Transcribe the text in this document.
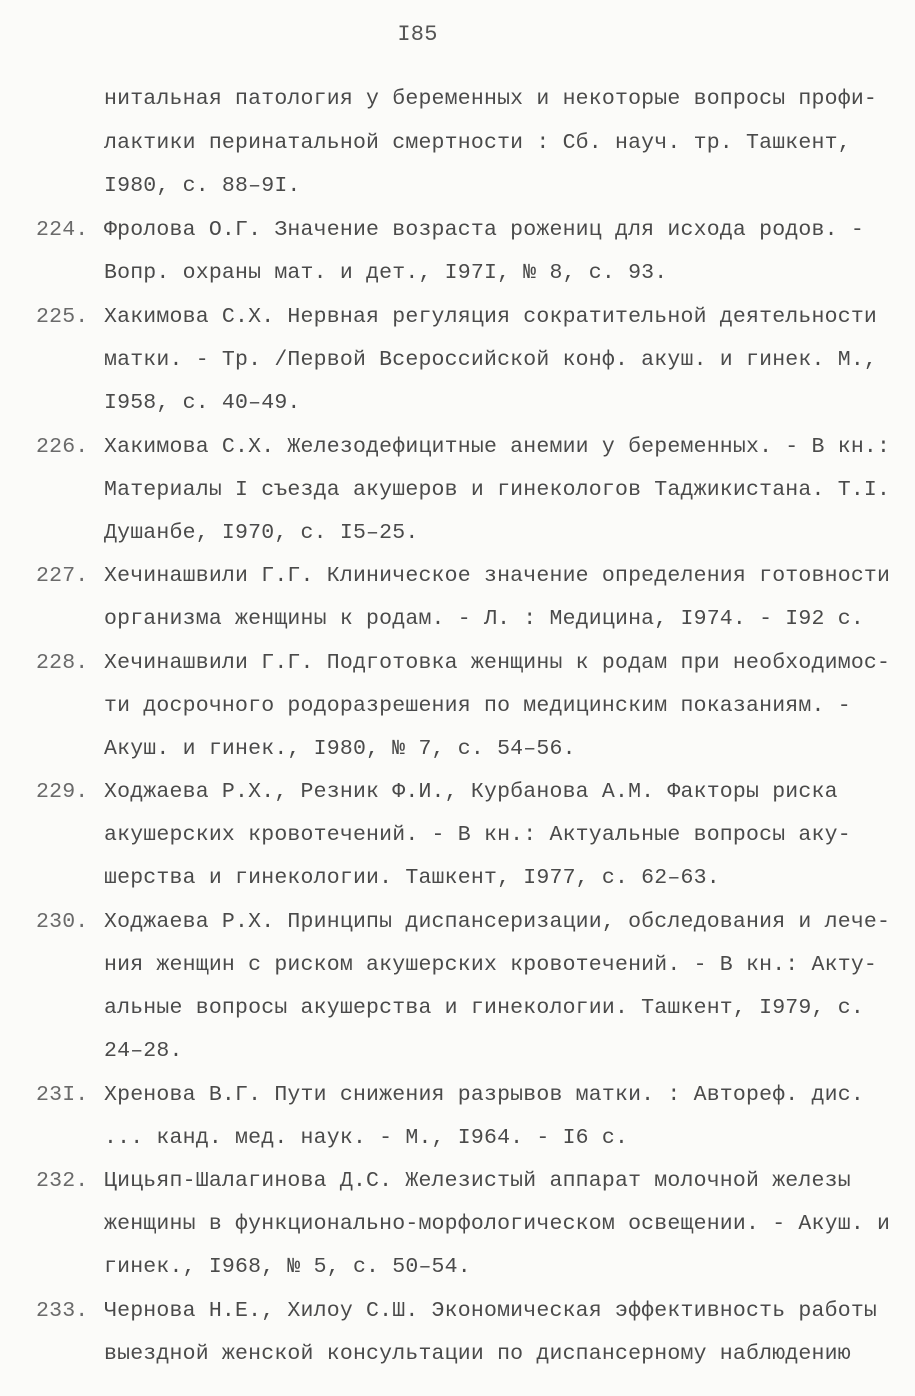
I85
нитальная патология у беременных и некоторые вопросы профи-
лактики перинатальной смертности : Сб. науч. тр. Ташкент,
I980, с. 88–9I.
224. Фролова О.Г. Значение возраста рожениц для исхода родов. -
Вопр. охраны мат. и дет., I97I, № 8, с. 93.
225. Хакимова С.Х. Нервная регуляция сократительной деятельности
матки. - Тр. /Первой Всероссийской конф. акуш. и гинек. М.,
I958, с. 40–49.
226. Хакимова С.Х. Железодефицитные анемии у беременных. - В кн.:
Материалы I съезда акушеров и гинекологов Таджикистана. Т.I.
Душанбе, I970, с. I5–25.
227. Хечинашвили Г.Г. Клиническое значение определения готовности
организма женщины к родам. - Л. : Медицина, I974. - I92 с.
228. Хечинашвили Г.Г. Подготовка женщины к родам при необходимос-
ти досрочного родоразрешения по медицинским показаниям. -
Акуш. и гинек., I980, № 7, с. 54–56.
229. Ходжаева Р.Х., Резник Ф.И., Курбанова А.М. Факторы риска
акушерских кровотечений. - В кн.: Актуальные вопросы аку-
шерства и гинекологии. Ташкент, I977, с. 62–63.
230. Ходжаева Р.Х. Принципы диспансеризации, обследования и лече-
ния женщин с риском акушерских кровотечений. - В кн.: Акту-
альные вопросы акушерства и гинекологии. Ташкент, I979, с.
24–28.
23I. Хренова В.Г. Пути снижения разрывов матки. : Автореф. дис.
... канд. мед. наук. - М., I964. - I6 с.
232. Цицьяп-Шалагинова Д.С. Железистый аппарат молочной железы
женщины в функционально-морфологическом освещении. - Акуш. и
гинек., I968, № 5, с. 50–54.
233. Чернова Н.Е., Хилоу С.Ш. Экономическая эффективность работы
выездной женской консультации по диспансерному наблюдению
